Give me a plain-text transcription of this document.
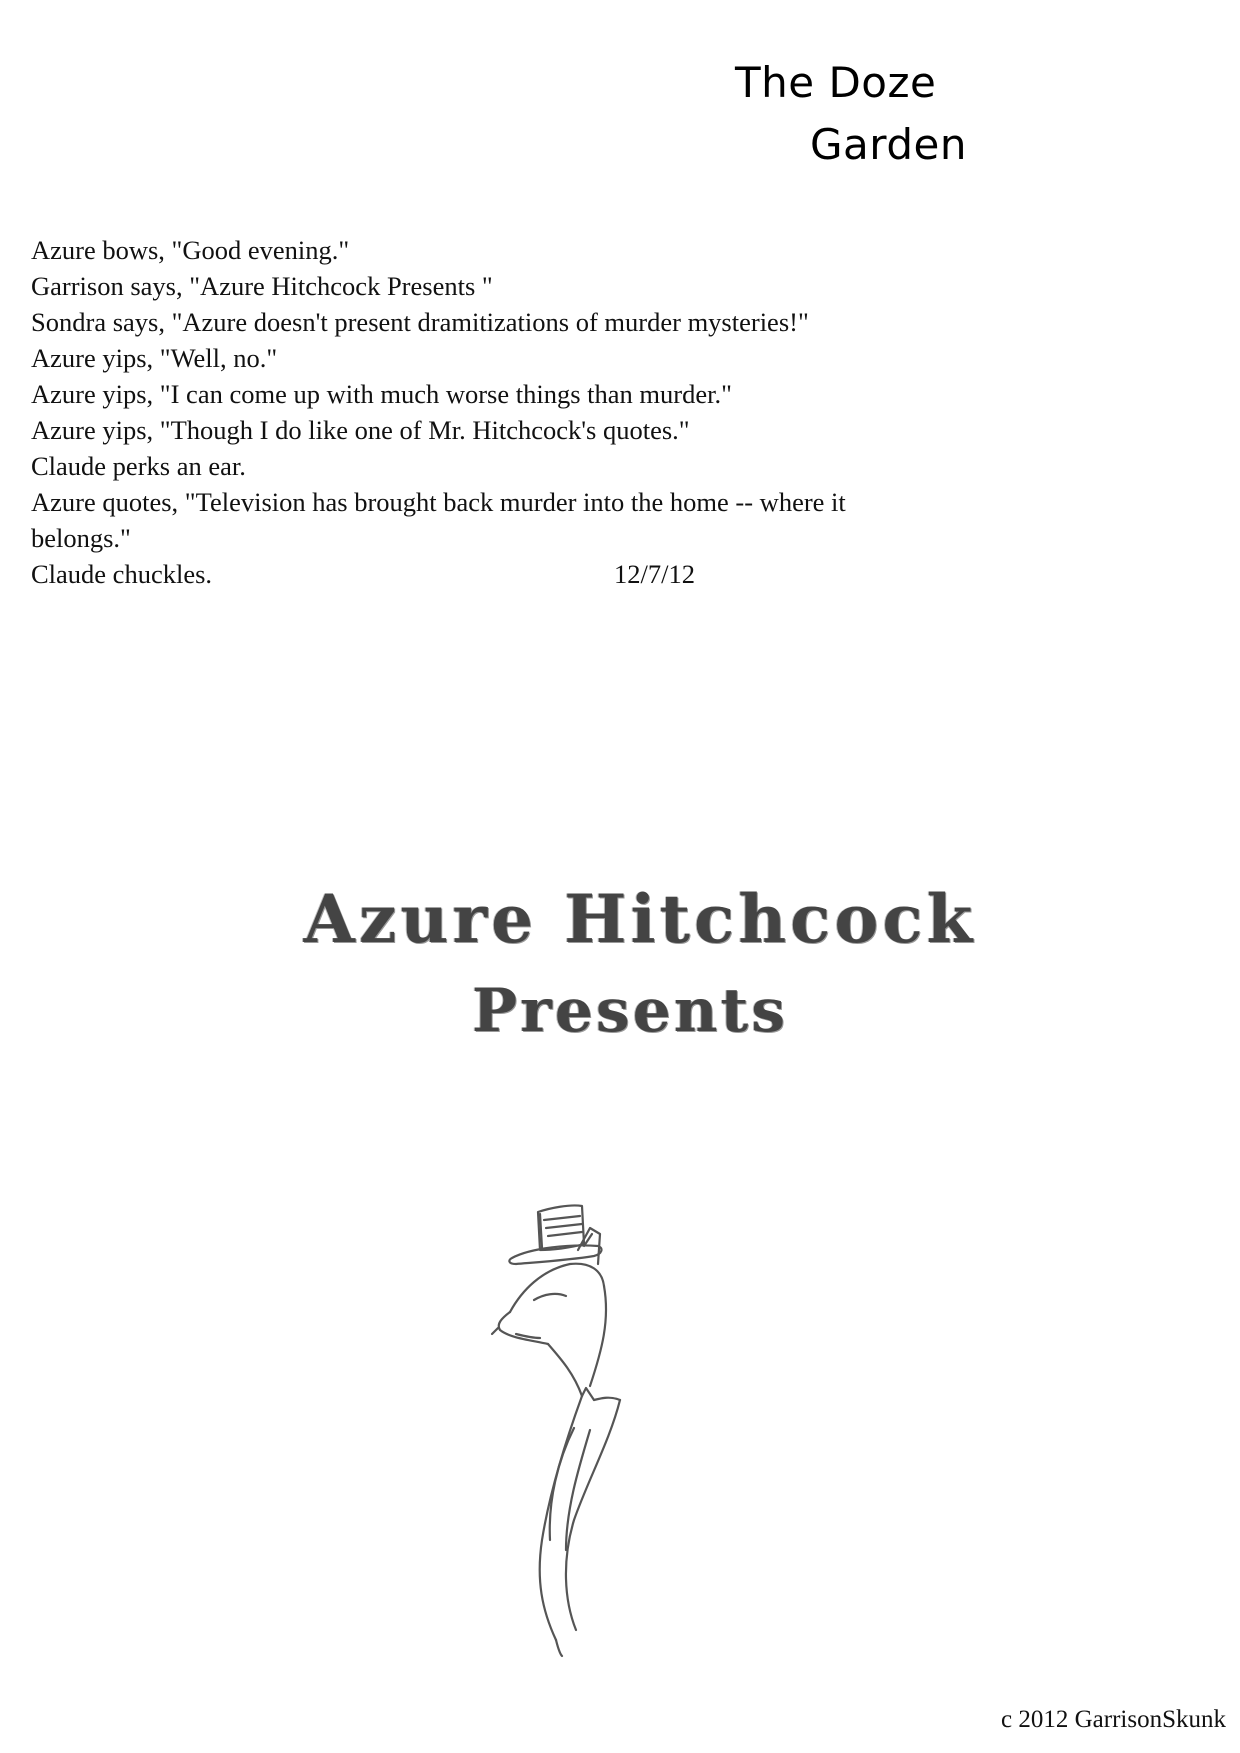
The Doze
Garden
Azure bows, "Good evening."
Garrison says, "Azure Hitchcock Presents "
Sondra says, "Azure doesn't present dramitizations of murder mysteries!"
Azure yips, "Well, no."
Azure yips, "I can come up with much worse things than murder."
Azure yips, "Though I do like one of Mr. Hitchcock's quotes."
Claude perks an ear.
Azure quotes, "Television has brought back murder into the home -- where it
belongs."
Claude chuckles.	12/7/12
Azure Hitchcock
Presents
c 2012 GarrisonSkunk
